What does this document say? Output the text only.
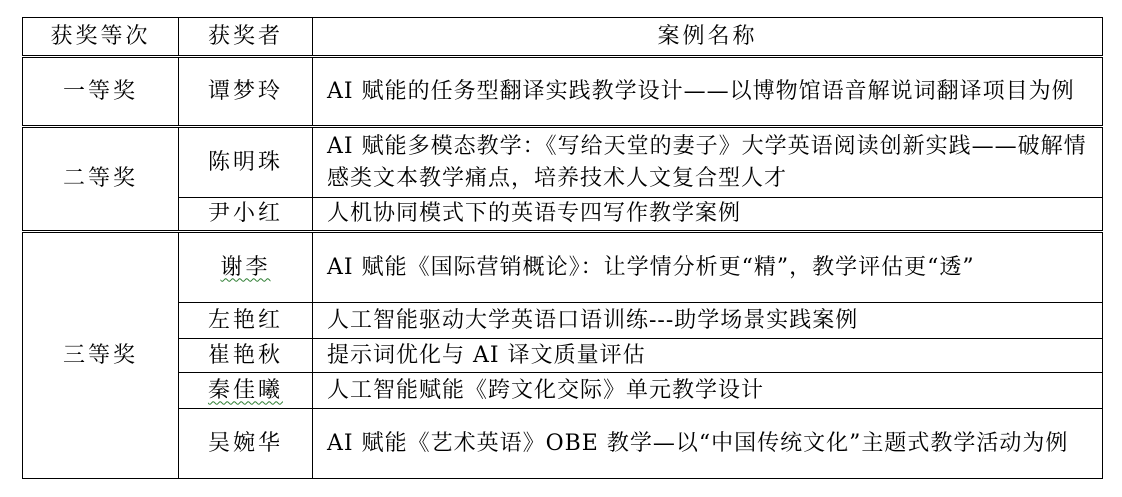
获奖等次	获奖者	案例名称
一等奖	谭梦玲	AI 赋能的任务型翻译实践教学设计——以博物馆语音解说词翻译项目为例
二等奖	陈明珠	AI 赋能多模态教学：《写给天堂的妻子》大学英语阅读创新实践——破解情感类文本教学痛点，培养技术人文复合型人才
	尹小红	人机协同模式下的英语专四写作教学案例
三等奖	谢李	AI 赋能《国际营销概论》：让学情分析更“精”，教学评估更“透”
	左艳红	人工智能驱动大学英语口语训练---助学场景实践案例
	崔艳秋	提示词优化与 AI 译文质量评估
	秦佳曦	人工智能赋能《跨文化交际》单元教学设计
	吴婉华	AI 赋能《艺术英语》OBE 教学—以“中国传统文化”主题式教学活动为例
